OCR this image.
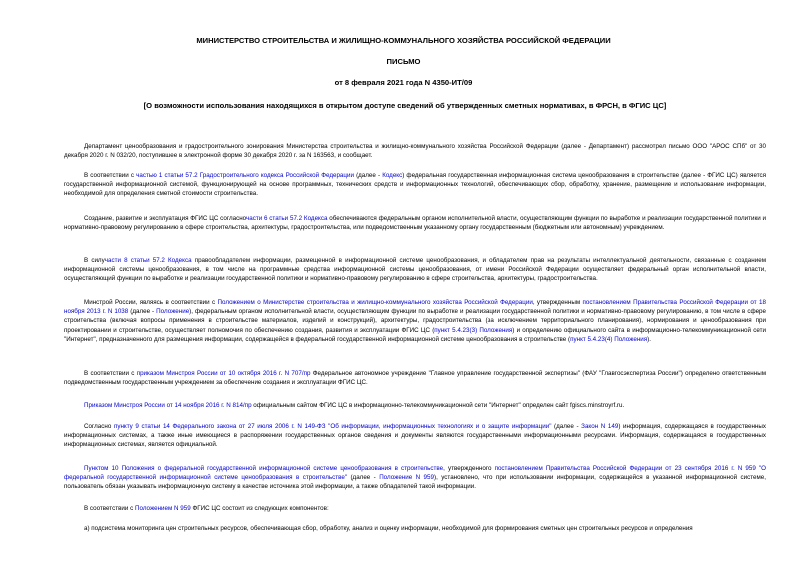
МИНИСТЕРСТВО СТРОИТЕЛЬСТВА И ЖИЛИЩНО-КОММУНАЛЬНОГО ХОЗЯЙСТВА РОССИЙСКОЙ ФЕДЕРАЦИИ
ПИСЬМО
от 8 февраля 2021 года N 4350-ИТ/09
[О возможности использования находящихся в открытом доступе сведений об утвержденных сметных нормативах, в ФРСН, в ФГИС ЦС]
Департамент ценообразования и градостроительного зонирования Министерства строительства и жилищно-коммунального хозяйства Российской Федерации (далее - Департамент) рассмотрел письмо ООО "АРОС СПб" от 30 декабря 2020 г. N 032/20, поступившее в электронной форме 30 декабря 2020 г. за N 163563, и сообщает.
В соответствии с частью 1 статьи 57.2 Градостроительного кодекса Российской Федерации (далее - Кодекс) федеральная государственная информационная система ценообразования в строительстве (далее - ФГИС ЦС) является государственной информационной системой, функционирующей на основе программных, технических средств и информационных технологий, обеспечивающих сбор, обработку, хранение, размещение и использование информации, необходимой для определения сметной стоимости строительства.
Создание, развитие и эксплуатация ФГИС ЦС согласночасти 6 статьи 57.2 Кодекса обеспечиваются федеральным органом исполнительной власти, осуществляющим функции по выработке и реализации государственной политики и нормативно-правовому регулированию в сфере строительства, архитектуры, градостроительства, или подведомственным указанному органу государственным (бюджетным или автономным) учреждением.
В силучасти 8 статьи 57.2 Кодекса правообладателем информации, размещенной в информационной системе ценообразования, и обладателем прав на результаты интеллектуальной деятельности, связанные с созданием информационной системы ценообразования, в том числе на программные средства информационной системы ценообразования, от имени Российской Федерации осуществляет федеральный орган исполнительной власти, осуществляющий функции по выработке и реализации государственной политики и нормативно-правовому регулированию в сфере строительства, архитектуры, градостроительства.
Минстрой России, являясь в соответствии с Положением о Министерстве строительства и жилищно-коммунального хозяйства Российской Федерации, утвержденным постановлением Правительства Российской Федерации от 18 ноября 2013 г. N 1038 (далее - Положение), федеральным органом исполнительной власти, осуществляющим функции по выработке и реализации государственной политики и нормативно-правовому регулированию, в том числе в сфере строительства (включая вопросы применения в строительстве материалов, изделий и конструкций), архитектуры, градостроительства (за исключением территориального планирования), нормирования и ценообразования при проектировании и строительстве, осуществляет полномочия по обеспечению создания, развития и эксплуатации ФГИС ЦС (пункт 5.4.23(3) Положения) и определению официального сайта в информационно-телекоммуникационной сети "Интернет", предназначенного для размещения информации, содержащейся в федеральной государственной информационной системе ценообразования в строительстве (пункт 5.4.23(4) Положения).
В соответствии с приказом Минстроя России от 10 октября 2016 г. N 707/пр Федеральное автономное учреждение "Главное управление государственной экспертизы" (ФАУ "Главгосэкспертиза России") определено ответственным подведомственным государственным учреждением за обеспечение создания и эксплуатации ФГИС ЦС.
Приказом Минстроя России от 14 ноября 2016 г. N 814/пр официальным сайтом ФГИС ЦС в информационно-телекоммуникационной сети "Интернет" определен сайт fgiscs.minstroyrf.ru.
Согласно пункту 9 статьи 14 Федерального закона от 27 июля 2006 г. N 149-ФЗ "Об информации, информационных технологиях и о защите информации" (далее - Закон N 149) информация, содержащаяся в государственных информационных системах, а также иные имеющиеся в распоряжении государственных органов сведения и документы являются государственными информационными ресурсами. Информация, содержащаяся в государственных информационных системах, является официальной.
Пунктом 10 Положения о федеральной государственной информационной системе ценообразования в строительстве, утвержденного постановлением Правительства Российской Федерации от 23 сентября 2016 г. N 959 "О федеральной государственной информационной системе ценообразования в строительстве" (далее - Положение N 959), установлено, что при использовании информации, содержащейся в указанной информационной системе, пользователь обязан указывать информационную систему в качестве источника этой информации, а также обладателей такой информации.
В соответствии с Положением N 959 ФГИС ЦС состоит из следующих компонентов:
а) подсистема мониторинга цен строительных ресурсов, обеспечивающая сбор, обработку, анализ и оценку информации, необходимой для формирования сметных цен строительных ресурсов и определения
